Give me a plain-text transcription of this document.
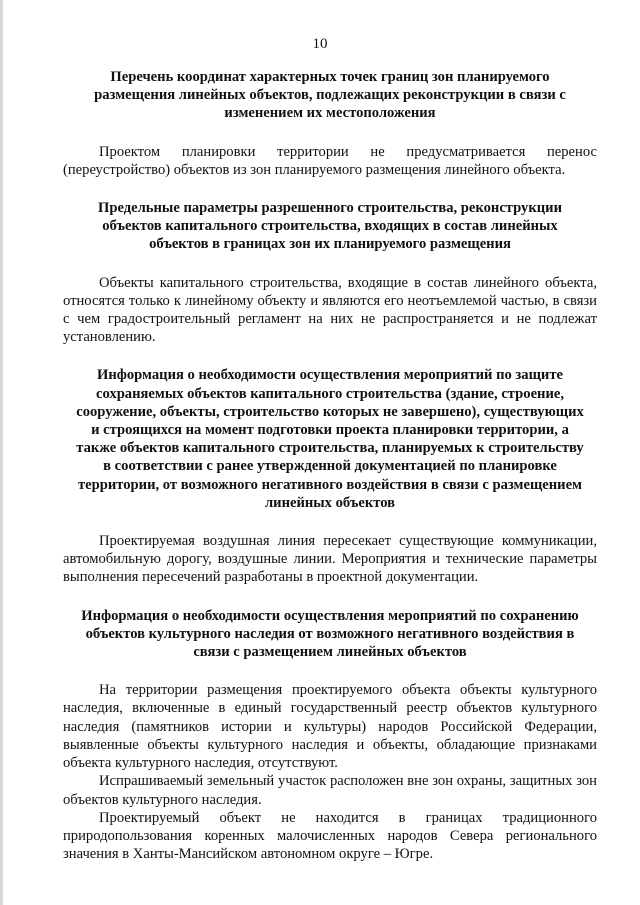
10

Перечень координат характерных точек границ зон планируемого размещения линейных объектов, подлежащих реконструкции в связи с изменением их местоположения

Проектом планировки территории не предусматривается перенос (переустройство) объектов из зон планируемого размещения линейного объекта.

Предельные параметры разрешенного строительства, реконструкции объектов капитального строительства, входящих в состав линейных объектов в границах зон их планируемого размещения

Объекты капитального строительства, входящие в состав линейного объекта, относятся только к линейному объекту и являются его неотъемлемой частью, в связи с чем градостроительный регламент на них не распространяется и не подлежат установлению.

Информация о необходимости осуществления мероприятий по защите сохраняемых объектов капитального строительства (здание, строение, сооружение, объекты, строительство которых не завершено), существующих и строящихся на момент подготовки проекта планировки территории, а также объектов капитального строительства, планируемых к строительству в соответствии с ранее утвержденной документацией по планировке территории, от возможного негативного воздействия в связи с размещением линейных объектов

Проектируемая воздушная линия пересекает существующие коммуникации, автомобильную дорогу, воздушные линии. Мероприятия и технические параметры выполнения пересечений разработаны в проектной документации.

Информация о необходимости осуществления мероприятий по сохранению объектов культурного наследия от возможного негативного воздействия в связи с размещением линейных объектов

На территории размещения проектируемого объекта объекты культурного наследия, включенные в единый государственный реестр объектов культурного наследия (памятников истории и культуры) народов Российской Федерации, выявленные объекты культурного наследия и объекты, обладающие признаками объекта культурного наследия, отсутствуют.

Испрашиваемый земельный участок расположен вне зон охраны, защитных зон объектов культурного наследия.

Проектируемый объект не находится в границах традиционного природопользования коренных малочисленных народов Севера регионального значения в Ханты-Мансийском автономном округе – Югре.
